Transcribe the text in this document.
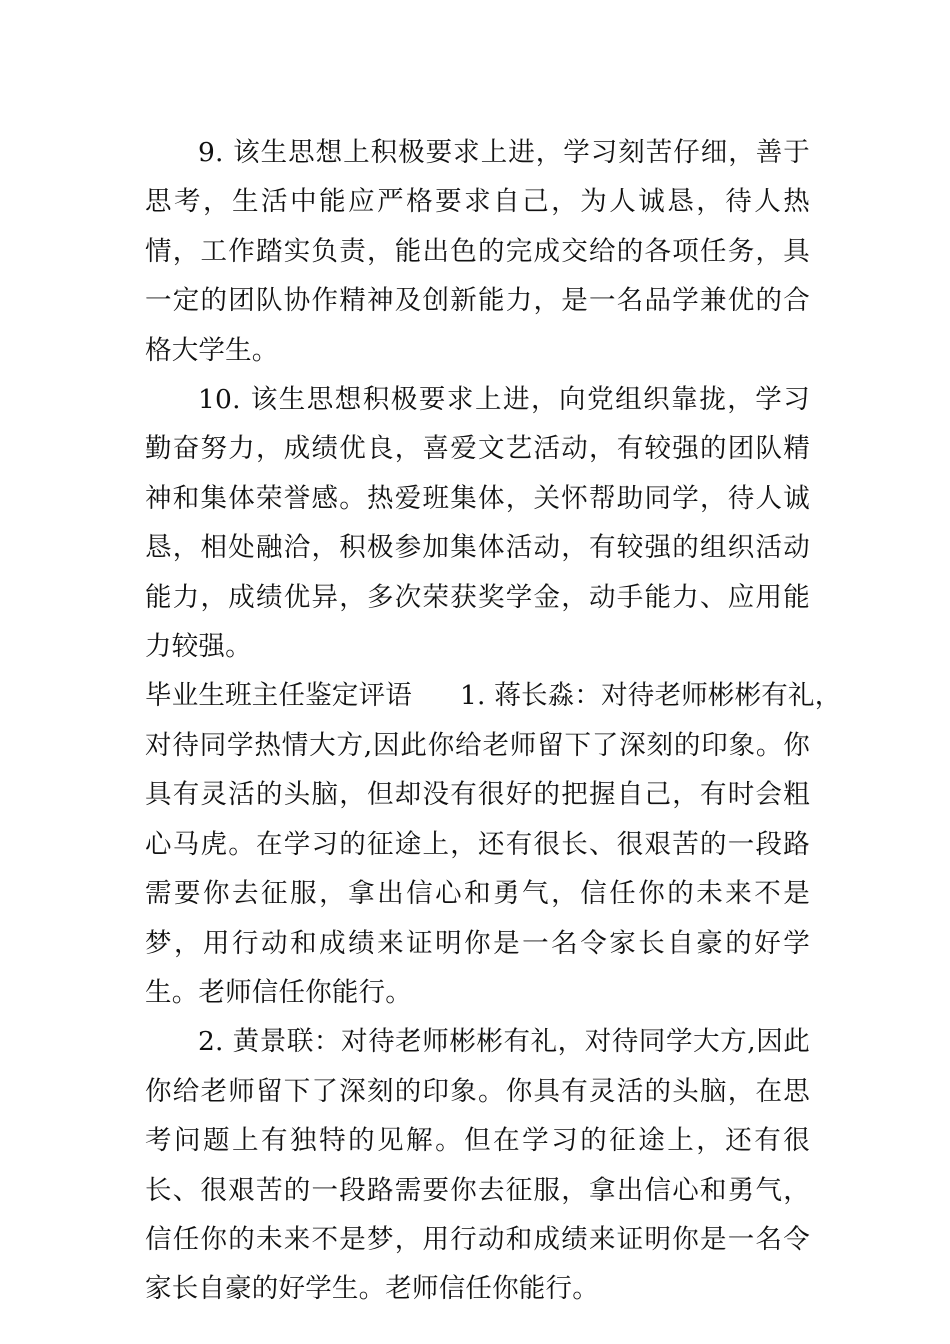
9. 该生思想上积极要求上进，学习刻苦仔细，善于思考，生活中能应严格要求自己，为人诚恳，待人热情，工作踏实负责，能出色的完成交给的各项任务，具一定的团队协作精神及创新能力，是一名品学兼优的合格大学生。

10. 该生思想积极要求上进，向党组织靠拢，学习勤奋努力，成绩优良，喜爱文艺活动，有较强的团队精神和集体荣誉感。热爱班集体，关怀帮助同学，待人诚恳，相处融洽，积极参加集体活动，有较强的组织活动能力，成绩优异，多次荣获奖学金，动手能力、应用能力较强。

毕业生班主任鉴定评语 1. 蒋长淼：对待老师彬彬有礼，

对待同学热情大方,因此你给老师留下了深刻的印象。你具有灵活的头脑，但却没有很好的把握自己，有时会粗心马虎。在学习的征途上，还有很长、很艰苦的一段路需要你去征服，拿出信心和勇气，信任你的未来不是梦，用行动和成绩来证明你是一名令家长自豪的好学生。老师信任你能行。

2. 黄景联：对待老师彬彬有礼，对待同学大方,因此你给老师留下了深刻的印象。你具有灵活的头脑，在思考问题上有独特的见解。但在学习的征途上，还有很长、很艰苦的一段路需要你去征服，拿出信心和勇气，信任你的未来不是梦，用行动和成绩来证明你是一名令家长自豪的好学生。老师信任你能行。
